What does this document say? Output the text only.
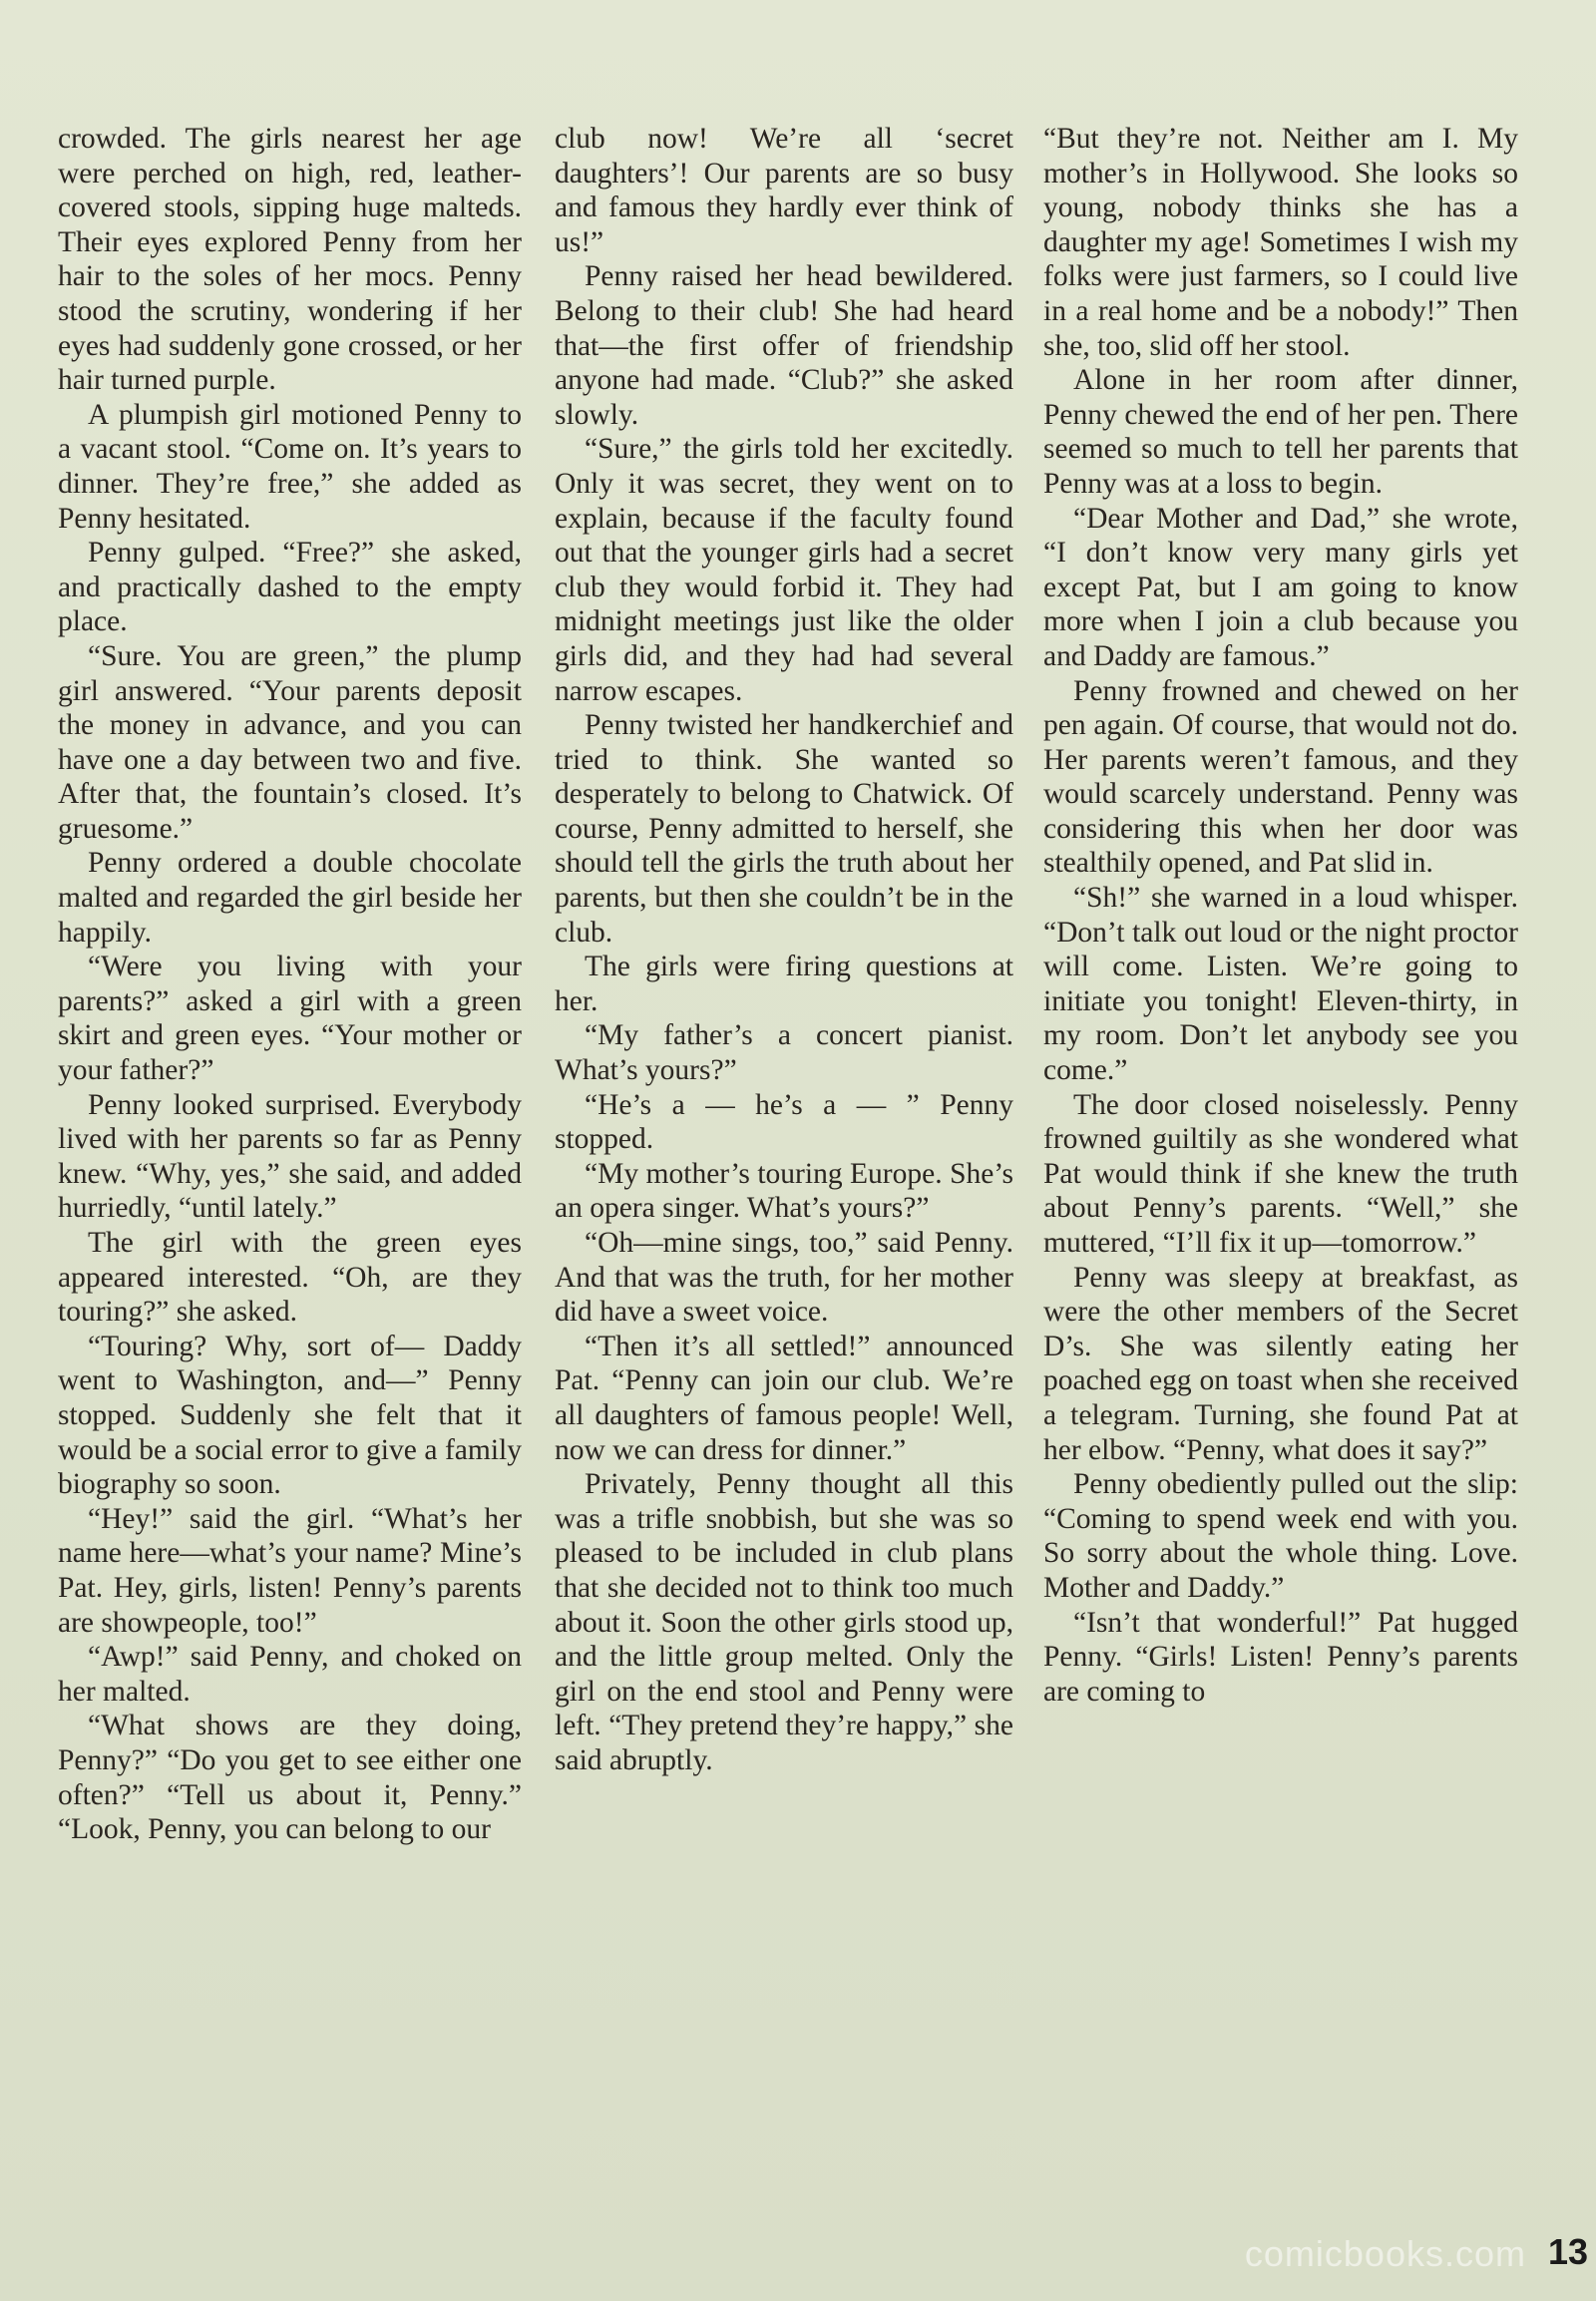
crowded. The girls nearest her age were perched on high, red, leather-covered stools, sipping huge malteds. Their eyes explored Penny from her hair to the soles of her mocs. Penny stood the scrutiny, wondering if her eyes had suddenly gone crossed, or her hair turned purple.

A plumpish girl motioned Penny to a vacant stool. “Come on. It’s years to dinner. They’re free,” she added as Penny hesitated.

Penny gulped. “Free?” she asked, and practically dashed to the empty place.

“Sure. You are green,” the plump girl answered. “Your parents deposit the money in advance, and you can have one a day between two and five. After that, the fountain’s closed. It’s gruesome.”

Penny ordered a double chocolate malted and regarded the girl beside her happily.

“Were you living with your parents?” asked a girl with a green skirt and green eyes. “Your mother or your father?”

Penny looked surprised. Everybody lived with her parents so far as Penny knew. “Why, yes,” she said, and added hurriedly, “until lately.”

The girl with the green eyes appeared interested. “Oh, are they touring?” she asked.

“Touring? Why, sort of— Daddy went to Washington, and—” Penny stopped. Suddenly she felt that it would be a social error to give a family biography so soon.

“Hey!” said the girl. “What’s her name here—what’s your name? Mine’s Pat. Hey, girls, listen! Penny’s parents are showpeople, too!”

“Awp!” said Penny, and choked on her malted.

“What shows are they doing, Penny?” “Do you get to see either one often?” “Tell us about it, Penny.” “Look, Penny, you can belong to our

club now! We’re all ‘secret daughters’! Our parents are so busy and famous they hardly ever think of us!”

Penny raised her head bewildered. Belong to their club! She had heard that—the first offer of friendship anyone had made. “Club?” she asked slowly.

“Sure,” the girls told her excitedly. Only it was secret, they went on to explain, because if the faculty found out that the younger girls had a secret club they would forbid it. They had midnight meetings just like the older girls did, and they had had several narrow escapes.

Penny twisted her handkerchief and tried to think. She wanted so desperately to belong to Chatwick. Of course, Penny admitted to herself, she should tell the girls the truth about her parents, but then she couldn’t be in the club.

The girls were firing questions at her.

“My father’s a concert pianist. What’s yours?”

“He’s a — he’s a — ” Penny stopped.

“My mother’s touring Europe. She’s an opera singer. What’s yours?”

“Oh—mine sings, too,” said Penny. And that was the truth, for her mother did have a sweet voice.

“Then it’s all settled!” announced Pat. “Penny can join our club. We’re all daughters of famous people! Well, now we can dress for dinner.”

Privately, Penny thought all this was a trifle snobbish, but she was so pleased to be included in club plans that she decided not to think too much about it. Soon the other girls stood up, and the little group melted. Only the girl on the end stool and Penny were left. “They pretend they’re happy,” she said abruptly.

“But they’re not. Neither am I. My mother’s in Hollywood. She looks so young, nobody thinks she has a daughter my age! Sometimes I wish my folks were just farmers, so I could live in a real home and be a nobody!” Then she, too, slid off her stool.

Alone in her room after dinner, Penny chewed the end of her pen. There seemed so much to tell her parents that Penny was at a loss to begin.

“Dear Mother and Dad,” she wrote, “I don’t know very many girls yet except Pat, but I am going to know more when I join a club because you and Daddy are famous.”

Penny frowned and chewed on her pen again. Of course, that would not do. Her parents weren’t famous, and they would scarcely understand. Penny was considering this when her door was stealthily opened, and Pat slid in.

“Sh!” she warned in a loud whisper. “Don’t talk out loud or the night proctor will come. Listen. We’re going to initiate you tonight! Eleven-thirty, in my room. Don’t let anybody see you come.”

The door closed noiselessly. Penny frowned guiltily as she wondered what Pat would think if she knew the truth about Penny’s parents. “Well,” she muttered, “I’ll fix it up—tomorrow.”

Penny was sleepy at breakfast, as were the other members of the Secret D’s. She was silently eating her poached egg on toast when she received a telegram. Turning, she found Pat at her elbow. “Penny, what does it say?”

Penny obediently pulled out the slip: “Coming to spend week end with you. So sorry about the whole thing. Love. Mother and Daddy.”

“Isn’t that wonderful!” Pat hugged Penny. “Girls! Listen! Penny’s parents are coming to

comicbooks.com 13
